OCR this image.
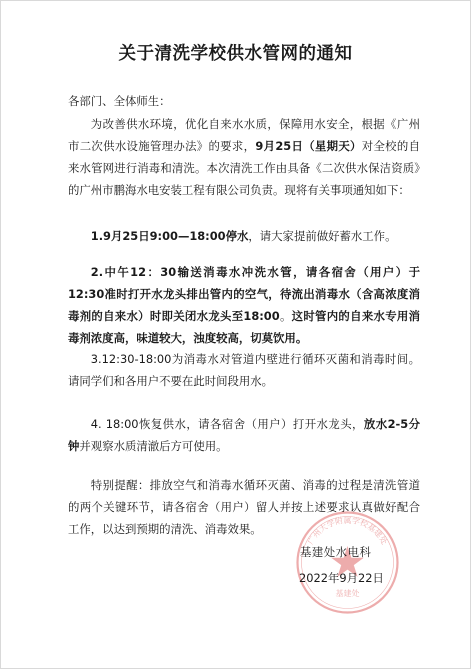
关于清洗学校供水管网的通知
各部门、全体师生：

为改善供水环境，优化自来水水质，保障用水安全，根据《广州市二次供水设施管理办法》的要求，9月25日（星期天）对全校的自来水管网进行消毒和清洗。本次清洗工作由具备《二次供水保洁资质》的广州市鹏海水电安装工程有限公司负责。现将有关事项通知如下：

1.9月25日9:00—18:00停水，请大家提前做好蓄水工作。

2.中午12：30输送消毒水冲洗水管，请各宿舍（用户）于12:30准时打开水龙头排出管内的空气，待流出消毒水（含高浓度消毒剂的自来水）时即关闭水龙头至18:00。这时管内的自来水专用消毒剂浓度高，味道较大，浊度较高，切莫饮用。

3.12:30-18:00为消毒水对管道内壁进行循环灭菌和消毒时间。请同学们和各用户不要在此时间段用水。

4. 18:00恢复供水，请各宿舍（用户）打开水龙头，放水2-5分钟并观察水质清澈后方可使用。

特别提醒：排放空气和消毒水循环灭菌、消毒的过程是清洗管道的两个关键环节，请各宿舍（用户）留人并按上述要求认真做好配合工作，以达到预期的清洗、消毒效果。

广州大学附属学校基建处
基建处
基建处水电科
2022年9月22日
